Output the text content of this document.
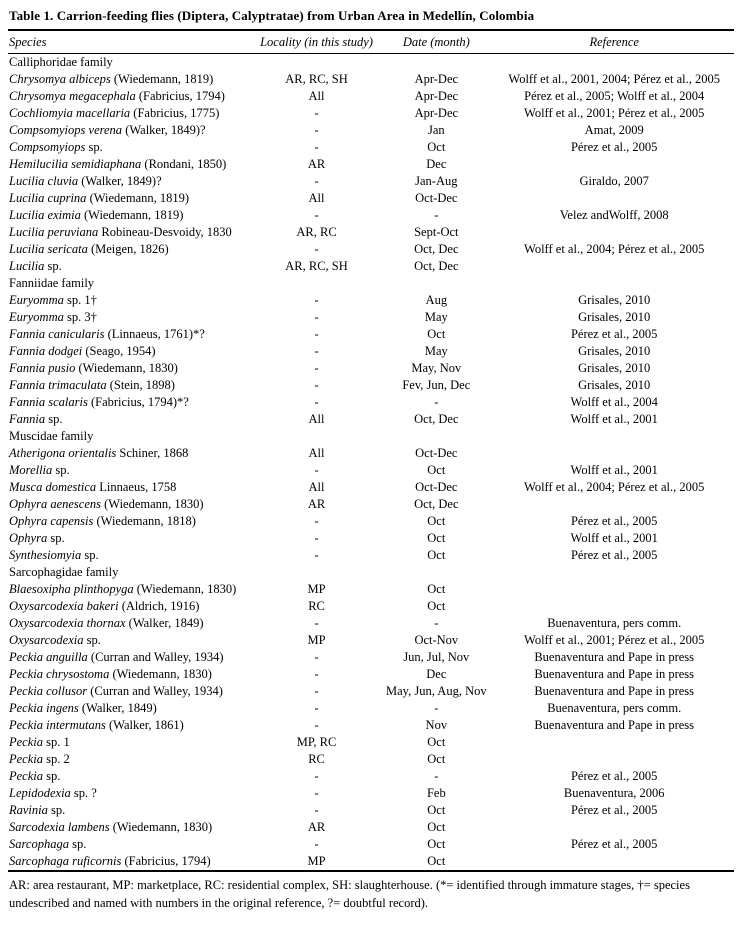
Table 1. Carrion-feeding flies (Diptera, Calyptratae) from Urban Area in Medellín, Colombia
Species	Locality (in this study)	Date (month)	Reference
Calliphoridae family			
Chrysomya albiceps (Wiedemann, 1819)	AR, RC, SH	Apr-Dec	Wolff et al., 2001, 2004; Pérez et al., 2005
Chrysomya megacephala (Fabricius, 1794)	All	Apr-Dec	Pérez et al., 2005; Wolff et al., 2004
Cochliomyia macellaria (Fabricius, 1775)	-	Apr-Dec	Wolff et al., 2001; Pérez et al., 2005
Compsomyiops verena (Walker, 1849)?	-	Jan	Amat, 2009
Compsomyiops sp.	-	Oct	Pérez et al., 2005
Hemilucilia semidiaphana (Rondani, 1850)	AR	Dec	
Lucilia cluvia (Walker, 1849)?	-	Jan-Aug	Giraldo, 2007
Lucilia cuprina (Wiedemann, 1819)	All	Oct-Dec	
Lucilia eximia (Wiedemann, 1819)	-	-	Velez andWolff, 2008
Lucilia peruviana Robineau-Desvoidy, 1830	AR, RC	Sept-Oct	
Lucilia sericata (Meigen, 1826)	-	Oct, Dec	Wolff et al., 2004; Pérez et al., 2005
Lucilia sp.	AR, RC, SH	Oct, Dec	
Fanniidae family			
Euryomma sp. 1†	-	Aug	Grisales, 2010
Euryomma sp. 3†	-	May	Grisales, 2010
Fannia canicularis (Linnaeus, 1761)*?	-	Oct	Pérez et al., 2005
Fannia dodgei (Seago, 1954)	-	May	Grisales, 2010
Fannia pusio (Wiedemann, 1830)	-	May, Nov	Grisales, 2010
Fannia trimaculata (Stein, 1898)	-	Fev, Jun, Dec	Grisales, 2010
Fannia scalaris (Fabricius, 1794)*?	-	-	Wolff et al., 2004
Fannia sp.	All	Oct, Dec	Wolff et al., 2001
Muscidae family			
Atherigona orientalis Schiner, 1868	All	Oct-Dec	
Morellia sp.	-	Oct	Wolff et al., 2001
Musca domestica Linnaeus, 1758	All	Oct-Dec	Wolff et al., 2004; Pérez et al., 2005
Ophyra aenescens (Wiedemann, 1830)	AR	Oct, Dec	
Ophyra capensis (Wiedemann, 1818)	-	Oct	Pérez et al., 2005
Ophyra sp.	-	Oct	Wolff et al., 2001
Synthesiomyia sp.	-	Oct	Pérez et al., 2005
Sarcophagidae family			
Blaesoxipha plinthopyga (Wiedemann, 1830)	MP	Oct	
Oxysarcodexia bakeri (Aldrich, 1916)	RC	Oct	
Oxysarcodexia thornax (Walker, 1849)	-	-	Buenaventura, pers comm.
Oxysarcodexia sp.	MP	Oct-Nov	Wolff et al., 2001; Pérez et al., 2005
Peckia anguilla (Curran and Walley, 1934)	-	Jun, Jul, Nov	Buenaventura and Pape in press
Peckia chrysostoma (Wiedemann, 1830)	-	Dec	Buenaventura and Pape in press
Peckia collusor (Curran and Walley, 1934)	-	May, Jun, Aug, Nov	Buenaventura and Pape in press
Peckia ingens (Walker, 1849)	-	-	Buenaventura, pers comm.
Peckia intermutans (Walker, 1861)	-	Nov	Buenaventura and Pape in press
Peckia sp. 1	MP, RC	Oct	
Peckia sp. 2	RC	Oct	
Peckia sp.	-	-	Pérez et al., 2005
Lepidodexia sp. ?	-	Feb	Buenaventura, 2006
Ravinia sp.	-	Oct	Pérez et al., 2005
Sarcodexia lambens (Wiedemann, 1830)	AR	Oct	
Sarcophaga sp.	-	Oct	Pérez et al., 2005
Sarcophaga ruficornis (Fabricius, 1794)	MP	Oct	
AR: area restaurant, MP: marketplace, RC: residential complex, SH: slaughterhouse. (*= identified through immature stages, †= species undescribed and named with numbers in the original reference, ?= doubtful record).
